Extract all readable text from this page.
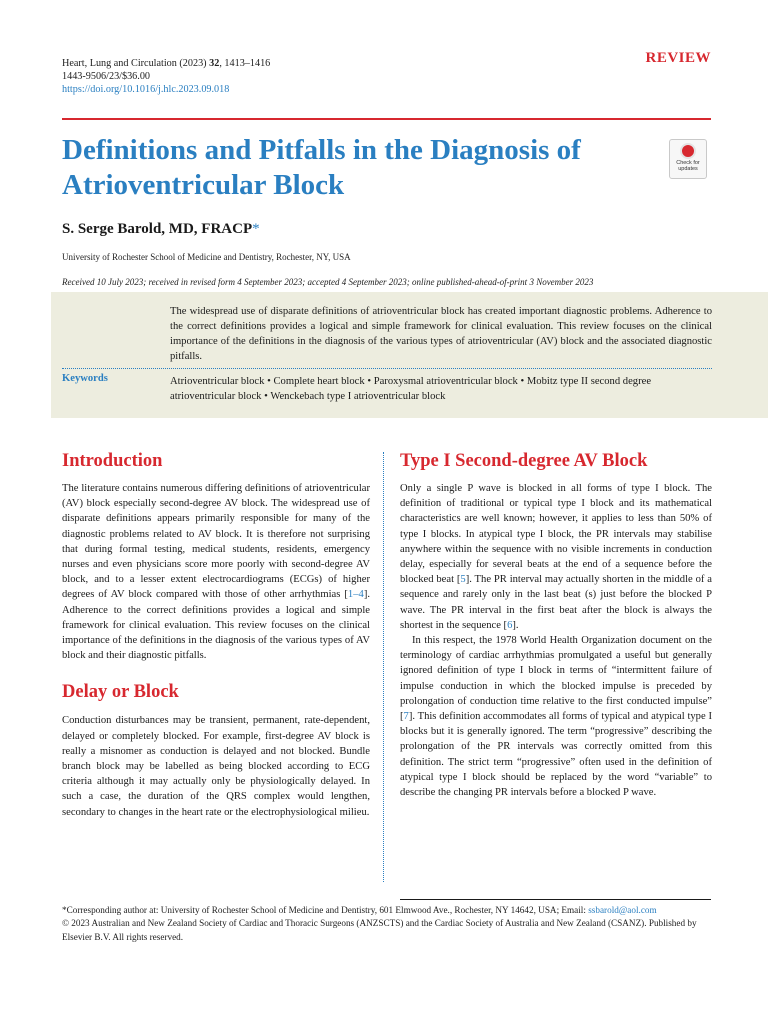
Heart, Lung and Circulation (2023) 32, 1413–1416
1443-9506/23/$36.00
https://doi.org/10.1016/j.hlc.2023.09.018
REVIEW
Definitions and Pitfalls in the Diagnosis of Atrioventricular Block
Check for
updates
S. Serge Barold, MD, FRACP*
University of Rochester School of Medicine and Dentistry, Rochester, NY, USA
Received 10 July 2023; received in revised form 4 September 2023; accepted 4 September 2023; online published-ahead-of-print 3 November 2023
The widespread use of disparate definitions of atrioventricular block has created important diagnostic problems. Adherence to the correct definitions provides a logical and simple framework for clinical evaluation. This review focuses on the clinical importance of the definitions in the diagnosis of the various types of atrioventricular (AV) block and the associated diagnostic pitfalls.
Keywords	Atrioventricular block • Complete heart block • Paroxysmal atrioventricular block • Mobitz type II second degree atrioventricular block • Wenckebach type I atrioventricular block
Introduction

The literature contains numerous differing definitions of atrioventricular (AV) block especially second-degree AV block. The widespread use of disparate definitions appears primarily responsible for many of the diagnostic problems related to AV block. It is therefore not surprising that during formal testing, medical students, residents, emergency nurses and even physicians score more poorly with second-degree AV block, and to a lesser extent electrocardiograms (ECGs) of higher degrees of AV block compared with those of other arrhythmias [1–4]. Adherence to the correct definitions provides a logical and simple framework for clinical evaluation. This review focuses on the clinical importance of the definitions in the diagnosis of the various types of AV block and their diagnostic pitfalls.

Delay or Block

Conduction disturbances may be transient, permanent, rate-dependent, delayed or completely blocked. For example, first-degree AV block is really a misnomer as conduction is delayed and not blocked. Bundle branch block may be labelled as being blocked according to ECG criteria although it may actually only be physiologically delayed. In such a case, the duration of the QRS complex would lengthen, secondary to changes in the heart rate or the electrophysiological milieu.

Type I Second-degree AV Block

Only a single P wave is blocked in all forms of type I block. The definition of traditional or typical type I block and its mathematical characteristics are well known; however, it applies to less than 50% of type I blocks. In atypical type I block, the PR intervals may stabilise anywhere within the sequence with no visible increments in conduction delay, especially for several beats at the end of a sequence before the blocked beat [5]. The PR interval may actually shorten in the middle of a sequence and rarely only in the last beat (s) just before the blocked P wave. The PR interval in the first beat after the block is always the shortest in the sequence [6].

In this respect, the 1978 World Health Organization document on the terminology of cardiac arrhythmias promulgated a useful but generally ignored definition of type I block in terms of “intermittent failure of impulse conduction in which the blocked impulse is preceded by prolongation of conduction time relative to the first conducted impulse” [7]. This definition accommodates all forms of typical and atypical type I blocks but it is generally ignored. The term “progressive” describing the prolongation of the PR intervals was correctly omitted from this definition. The strict term “progressive” often used in the definition of atypical type I block should be replaced by the word “variable” to describe the changing PR intervals before a blocked P wave.

*Corresponding author at: University of Rochester School of Medicine and Dentistry, 601 Elmwood Ave., Rochester, NY 14642, USA; Email: ssbarold@aol.com
© 2023 Australian and New Zealand Society of Cardiac and Thoracic Surgeons (ANZSCTS) and the Cardiac Society of Australia and New Zealand (CSANZ). Published by Elsevier B.V. All rights reserved.
